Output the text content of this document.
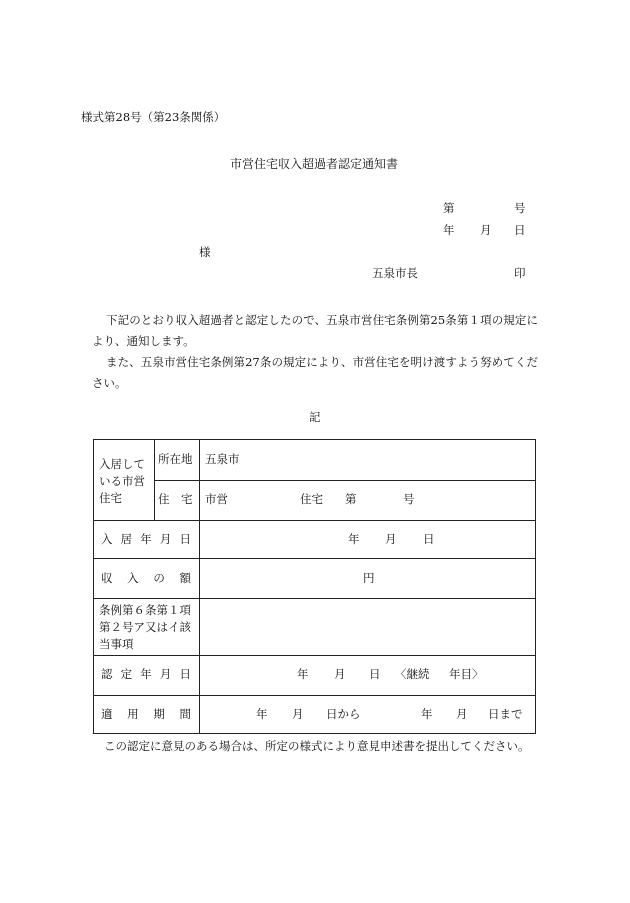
様式第28号（第23条関係）
市営住宅収入超過者認定通知書
第	号
年 月 日
様
五泉市長	印
下記のとおり収入超過者と認定したので、五泉市営住宅条例第25条第１項の規定により、通知します。
また、五泉市営住宅条例第27条の規定により、市営住宅を明け渡すよう努めてください。
記
入居している市営住宅
所在地 五泉市
住　宅 市営	住宅 第	号
入 居 年 月 日	年 月 日
収 入 の 額	円
条例第６条第１項第２号ア又はイ該当事項
認 定 年 月 日	年 月 日 〈継続 年目〉
適 用 期 間	年 月 日から	年 月 日まで
この認定に意見のある場合は、所定の様式により意見申述書を提出してください。
